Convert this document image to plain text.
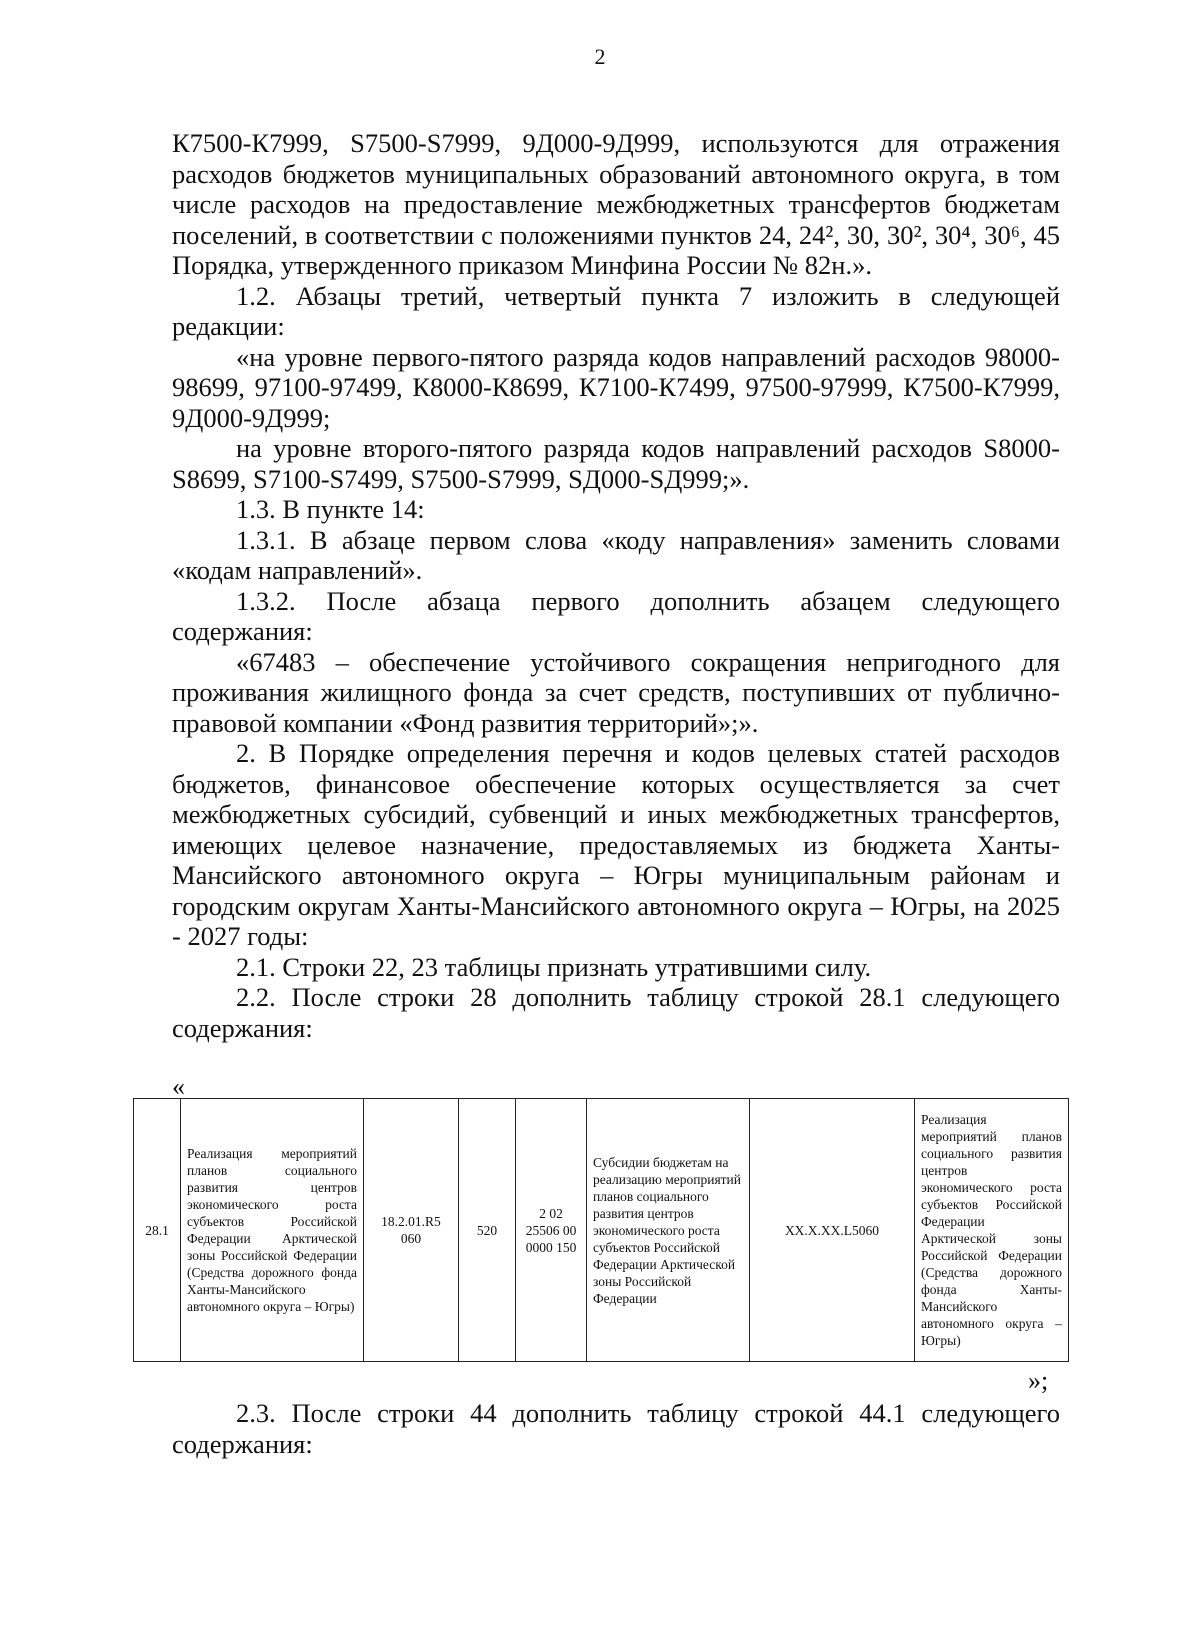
2

К7500-К7999, S7500-S7999, 9Д000-9Д999, используются для отражения расходов бюджетов муниципальных образований автономного округа, в том числе расходов на предоставление межбюджетных трансфертов бюджетам поселений, в соответствии с положениями пунктов 24, 24², 30, 30², 30⁴, 30⁶, 45 Порядка, утвержденного приказом Минфина России № 82н.».

1.2. Абзацы третий, четвертый пункта 7 изложить в следующей редакции:

«на уровне первого-пятого разряда кодов направлений расходов 98000-98699, 97100-97499, К8000-К8699, К7100-К7499, 97500-97999, К7500-К7999, 9Д000-9Д999;

на уровне второго-пятого разряда кодов направлений расходов S8000-S8699, S7100-S7499, S7500-S7999, SД000-SД999;».

1.3. В пункте 14:

1.3.1. В абзаце первом слова «коду направления» заменить словами «кодам направлений».

1.3.2. После абзаца первого дополнить абзацем следующего содержания:

«67483 – обеспечение устойчивого сокращения непригодного для проживания жилищного фонда за счет средств, поступивших от публично-правовой компании «Фонд развития территорий»;».

2. В Порядке определения перечня и кодов целевых статей расходов бюджетов, финансовое обеспечение которых осуществляется за счет межбюджетных субсидий, субвенций и иных межбюджетных трансфертов, имеющих целевое назначение, предоставляемых из бюджета Ханты-Мансийского автономного округа – Югры муниципальным районам и городским округам Ханты-Мансийского автономного округа – Югры, на 2025 - 2027 годы:

2.1. Строки 22, 23 таблицы признать утратившими силу.

2.2. После строки 28 дополнить таблицу строкой 28.1 следующего содержания:

«
28.1	Реализация мероприятий планов социального развития центров экономического роста субъектов Российской Федерации Арктической зоны Российской Федерации (Средства дорожного фонда Ханты-Мансийского автономного округа – Югры)	18.2.01.R5 060	520	2 02 25506 00 0000 150	Субсидии бюджетам на реализацию мероприятий планов социального развития центров экономического роста субъектов Российской Федерации Арктической зоны Российской Федерации	XX.X.XX.L5060	Реализация мероприятий планов социального развития центров экономического роста субъектов Российской Федерации Арктической зоны Российской Федерации (Средства дорожного фонда Ханты-Мансийского автономного округа – Югры)
»;

2.3. После строки 44 дополнить таблицу строкой 44.1 следующего содержания:
